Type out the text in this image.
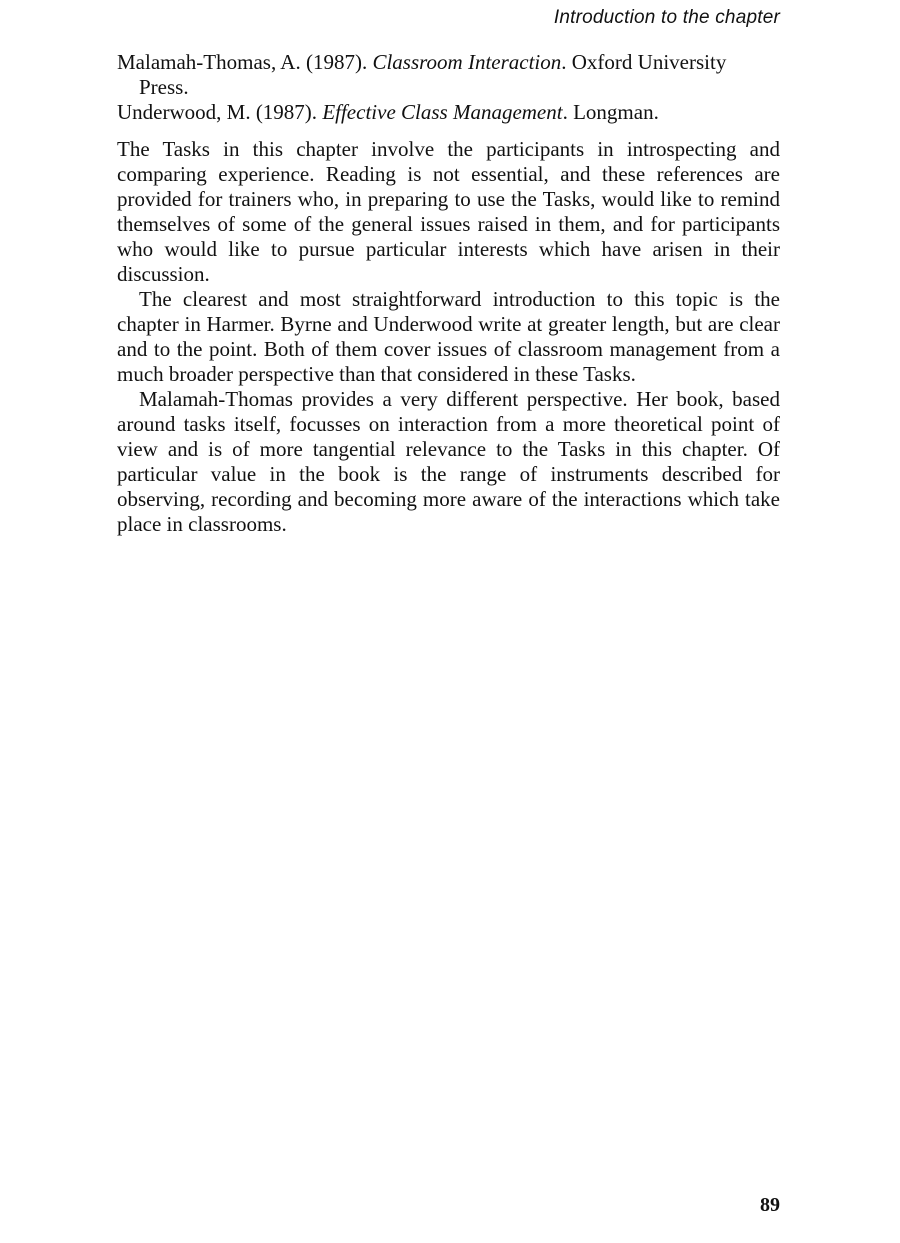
Introduction to the chapter

Malamah-Thomas, A. (1987). Classroom Interaction. Oxford University Press.

Underwood, M. (1987). Effective Class Management. Longman.

The Tasks in this chapter involve the participants in introspecting and comparing experience. Reading is not essential, and these references are provided for trainers who, in preparing to use the Tasks, would like to remind themselves of some of the general issues raised in them, and for participants who would like to pursue particular interests which have arisen in their discussion.

The clearest and most straightforward introduction to this topic is the chapter in Harmer. Byrne and Underwood write at greater length, but are clear and to the point. Both of them cover issues of classroom management from a much broader perspective than that considered in these Tasks.

Malamah-Thomas provides a very different perspective. Her book, based around tasks itself, focusses on interaction from a more theoretical point of view and is of more tangential relevance to the Tasks in this chapter. Of particular value in the book is the range of instruments described for observing, recording and becoming more aware of the interactions which take place in classrooms.

89
